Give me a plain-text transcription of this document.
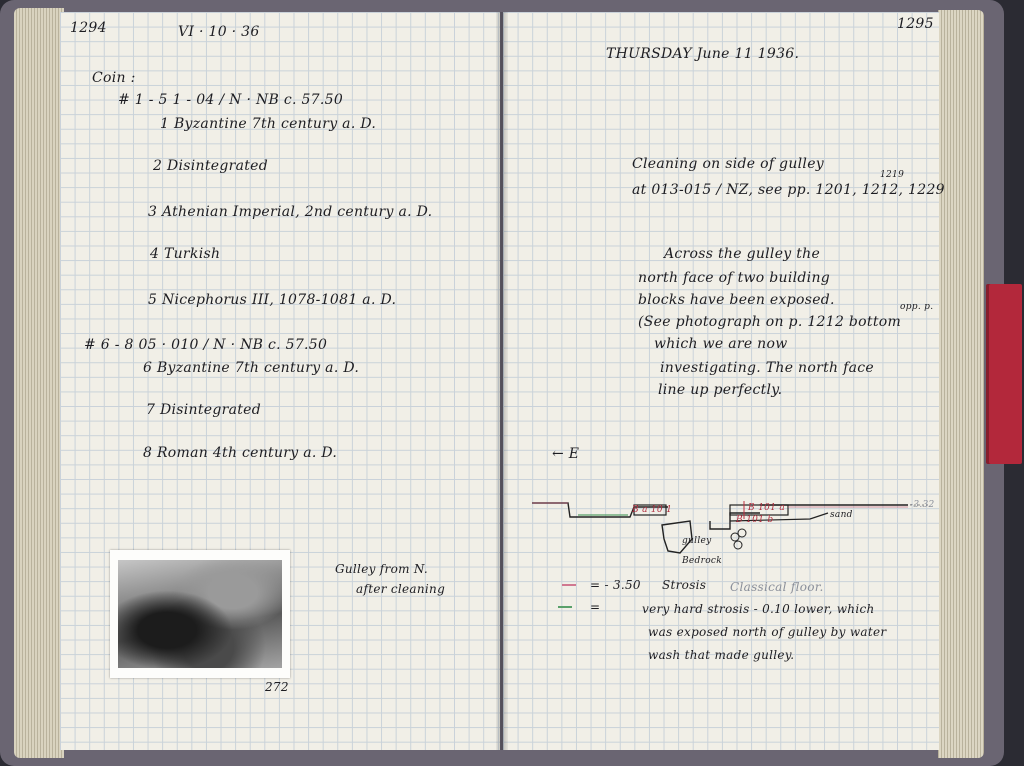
1294	VI · 10 · 36
Coin :
# 1 - 5 1 - 04 / N · NB c. 57.50
1 Byzantine 7th century a. D.
2 Disintegrated
3 Athenian Imperial, 2nd century a. D.
4 Turkish
5 Nicephorus III, 1078-1081 a. D.
# 6 - 8 05 · 010 / N · NB c. 57.50
6 Byzantine 7th century a. D.
7 Disintegrated
8 Roman 4th century a. D.
Gulley from N.
after cleaning
272
1295
THURSDAY June 11 1936.
Cleaning on side of gulley
1219
at 013-015 / NZ, see pp. 1201, 1212, 1229
Across the gulley the
north face of two building
blocks have been exposed.	opp. p.
(See photograph on p. 1212 bottom
which we are now
investigating. The north face
line up perfectly.
← E
B a 10 1	B 101 a
B 101 b	sand
gulley
Bedrock
-3.32
= - 3.50 Strosis Classical floor.
=	very hard strosis - 0.10 lower, which
was exposed north of gulley by water
wash that made gulley.
